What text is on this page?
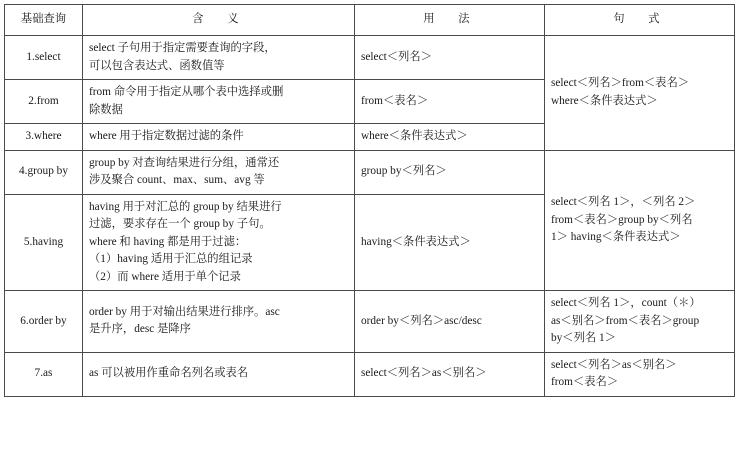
基础查询	含　义	用　法	句　式
1.select	select 子句用于指定需要查询的字段，
可以包含表达式、函数值等	select＜列名＞	select＜列名＞from＜表名＞
where＜条件表达式＞

2.from	from 命令用于指定从哪个表中选择或删
除数据	from＜表名＞	
3.where	where 用于指定数据过滤的条件	where＜条件表达式＞	
4.group by	group by 对查询结果进行分组，通常还
涉及聚合 count、max、sum、avg 等	group by＜列名＞	select＜列名 1＞，＜列名 2＞
from＜表名＞group by＜列名
1＞ having＜条件表达式＞

5.having	having 用于对汇总的 group by 结果进行
过滤，要求存在一个 group by 子句。
where 和 having 都是用于过滤：
（1）having 适用于汇总的组记录
（2）而 where 适用于单个记录	having＜条件表达式＞	
6.order by	order by 用于对输出结果进行排序。asc
是升序，desc 是降序	order by＜列名＞asc/desc	select＜列名 1＞，count（＊）
as＜别名＞from＜表名＞group
by＜列名 1＞

7.as	as 可以被用作重命名列名或表名	select＜列名＞as＜别名＞	select＜列名＞as＜别名＞
from＜表名＞
